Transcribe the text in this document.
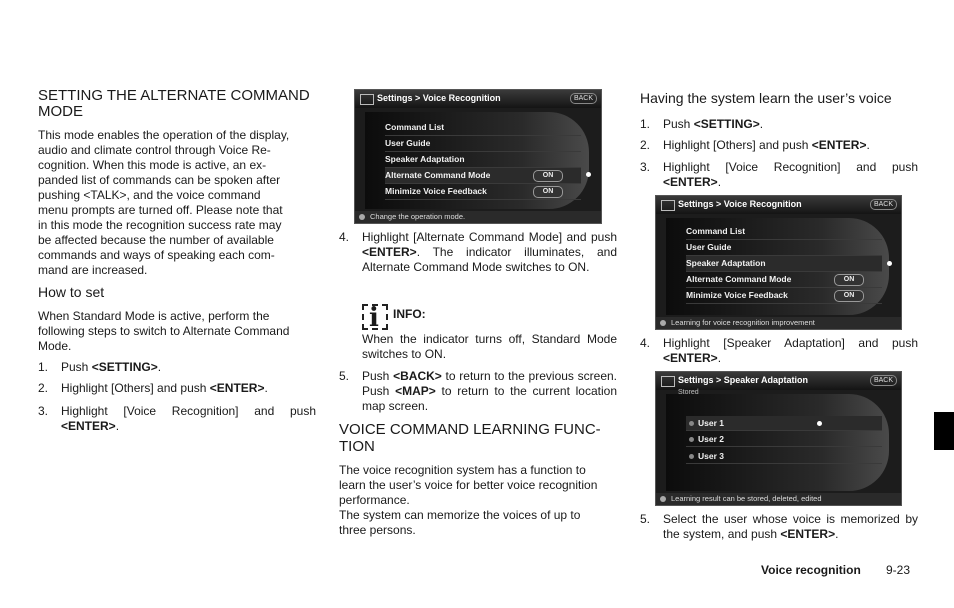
SETTING THE ALTERNATE COMMAND MODE
This mode enables the operation of the display,
audio and climate control through Voice Re-
cognition. When this mode is active, an ex-
panded list of commands can be spoken after
pushing <TALK>, and the voice command
menu prompts are turned off. Please note that
in this mode the recognition success rate may
be affected because the number of available
commands and ways of speaking each com-
mand are increased.
How to set
When Standard Mode is active, perform the
following steps to switch to Alternate Command
Mode.
1. Push <SETTING>.
2. Highlight [Others] and push <ENTER>.
3. Highlight [Voice Recognition] and push <ENTER>.
Settings > Voice Recognition	BACK
Command List
User Guide
Speaker Adaptation
Alternate Command Mode	ON
Minimize Voice Feedback	ON
Change the operation mode.
4. Highlight [Alternate Command Mode] and push <ENTER>. The indicator illuminates, and Alternate Command Mode switches to ON.
i
INFO:
When the indicator turns off, Standard Mode switches to ON.
5. Push <BACK> to return to the previous screen. Push <MAP> to return to the current location map screen.
VOICE COMMAND LEARNING FUNC-
TION
The voice recognition system has a function to
learn the user’s voice for better voice recognition
performance.
The system can memorize the voices of up to
three persons.
Having the system learn the user’s voice
1. Push <SETTING>.
2. Highlight [Others] and push <ENTER>.
3. Highlight [Voice Recognition] and push <ENTER>.
Settings > Voice Recognition	BACK
Command List
User Guide
Speaker Adaptation
Alternate Command Mode	ON
Minimize Voice Feedback	ON
Learning for voice recognition improvement
4. Highlight [Speaker Adaptation] and push <ENTER>.
Settings > Speaker Adaptation	BACK
Stored
User 1
User 2
User 3
Learning result can be stored, deleted, edited
5. Select the user whose voice is memorized by the system, and push <ENTER>.
Voice recognition 9-23
